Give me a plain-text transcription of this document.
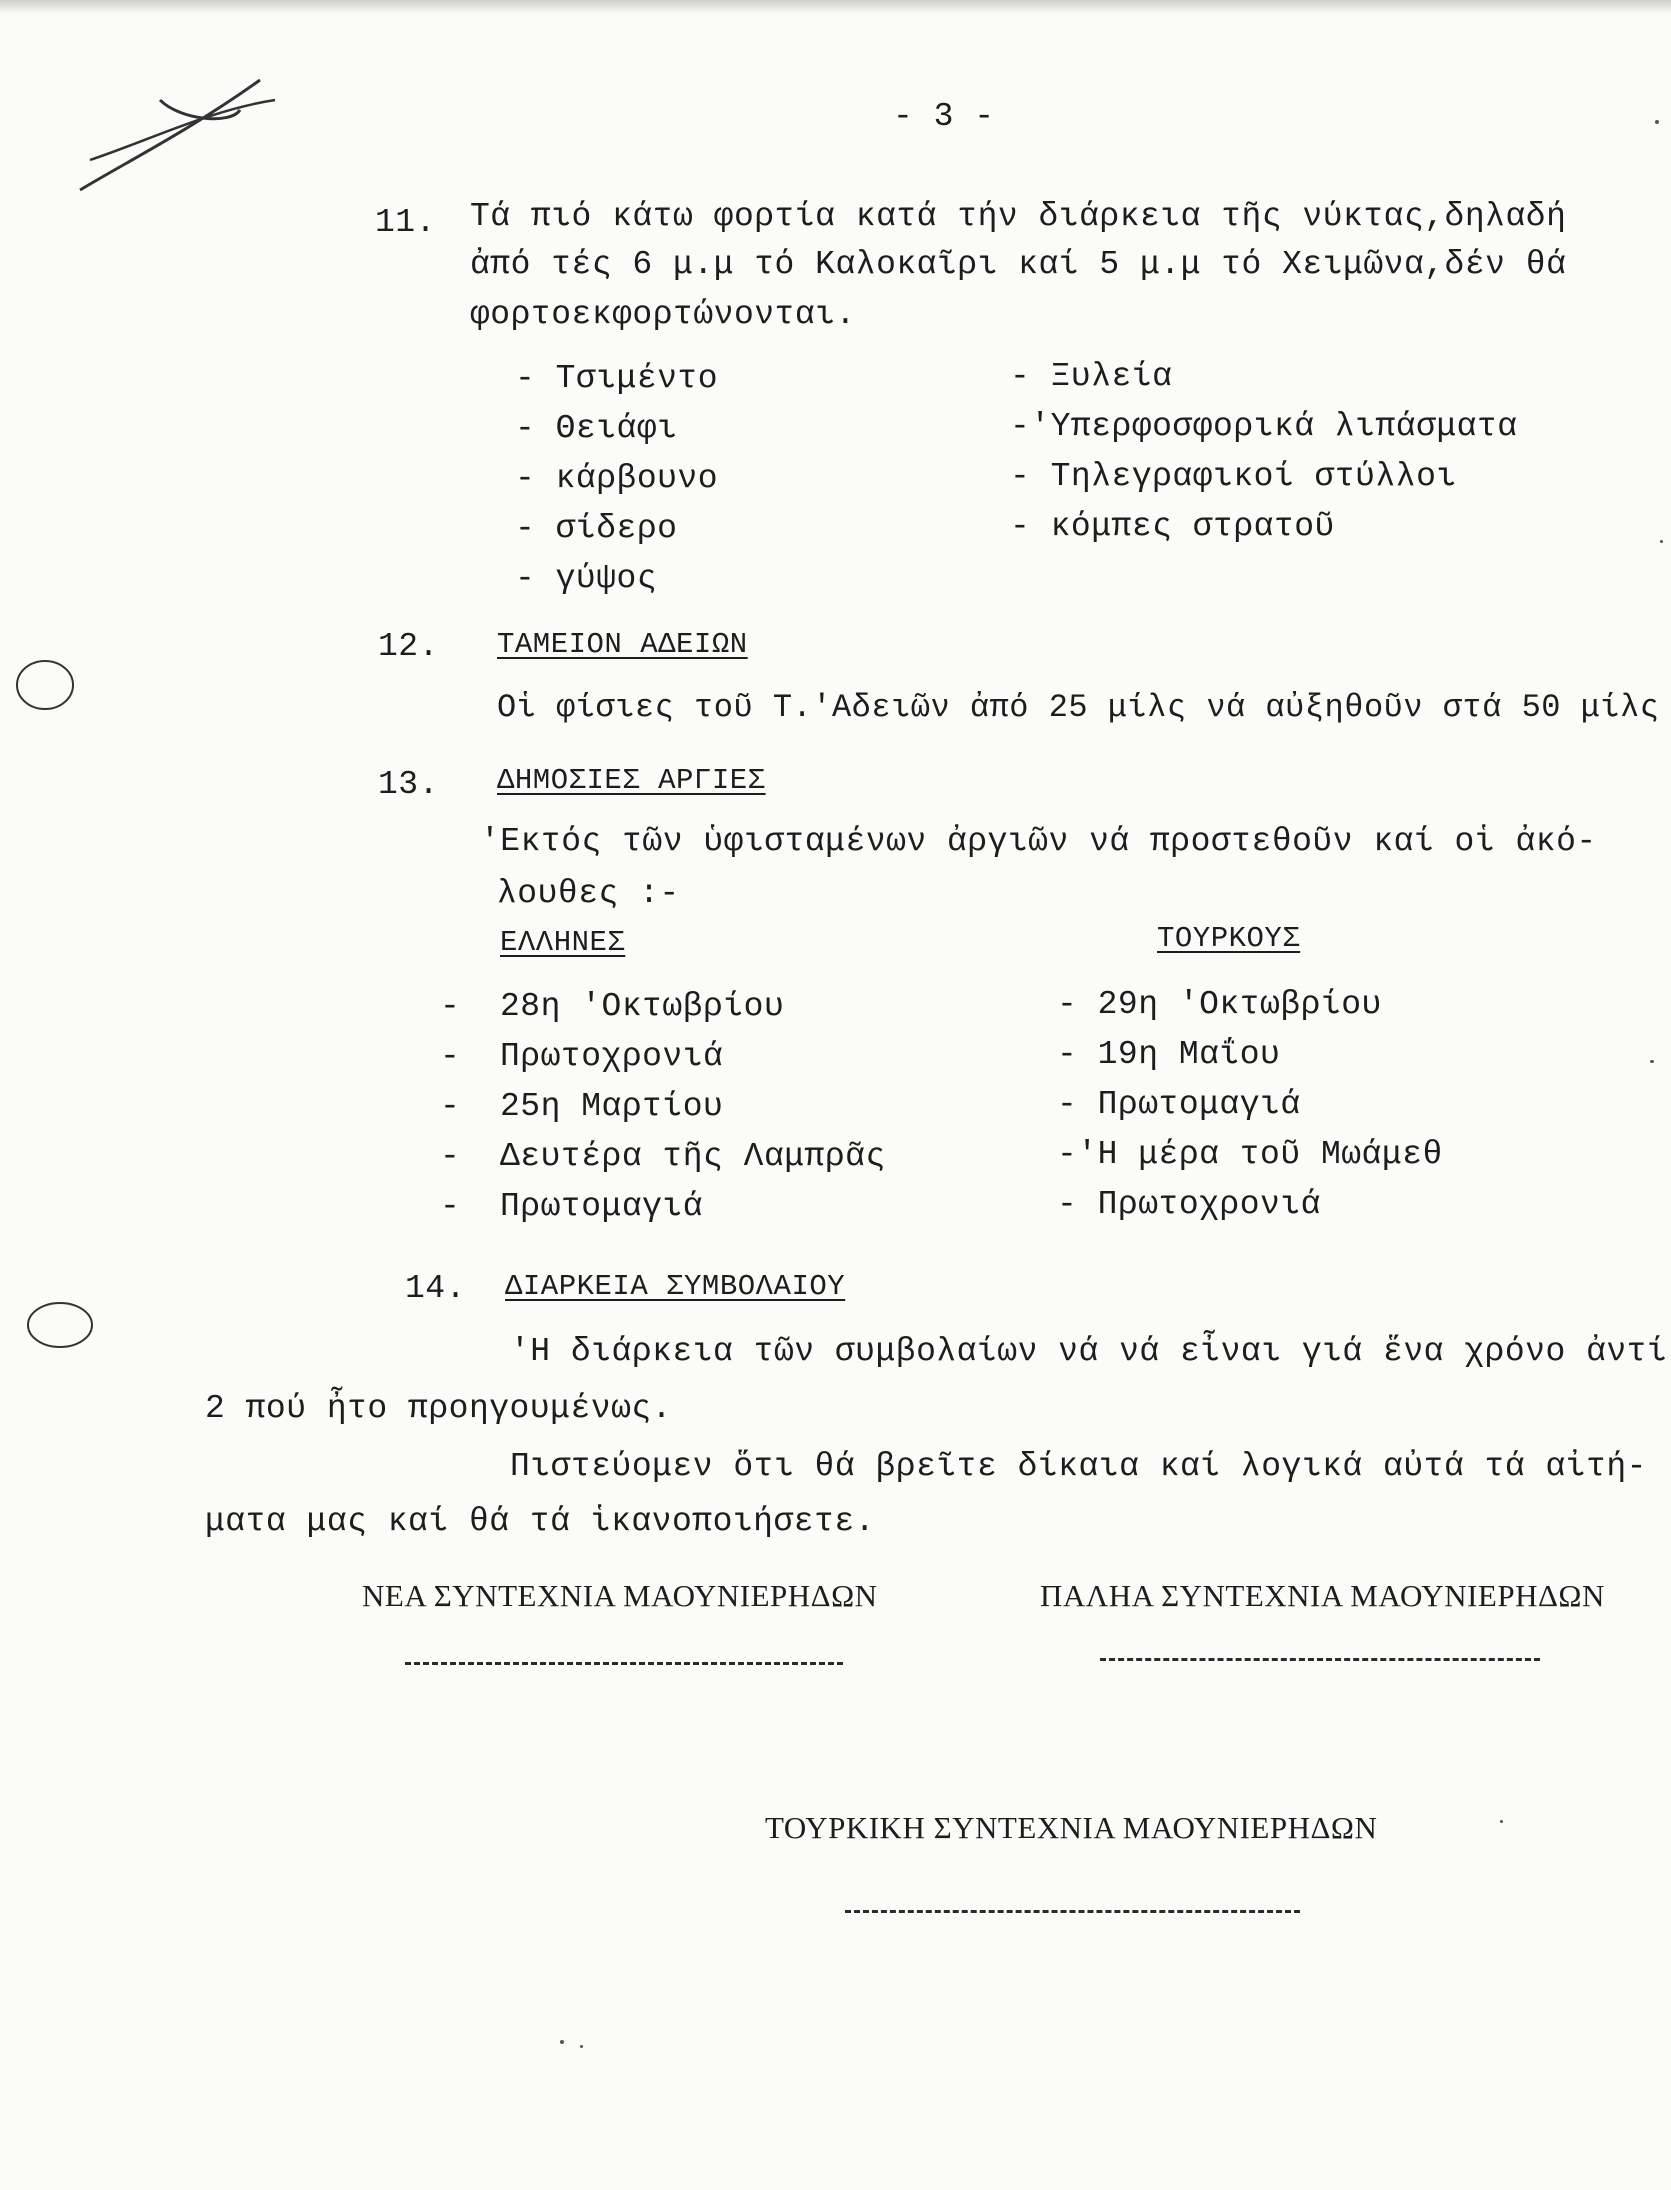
- 3 -
11. Τά πιό κάτω φορτία κατά τήν διάρκεια τῆς νύκτας,δηλαδή
ἀπό τές 6 μ.μ τό Καλοκαῖρι καί 5 μ.μ τό Χειμῶνα,δέν θά
φορτοεκφορτώνονται.
- Τσιμέντο
- Θειάφι
- κάρβουνο
- σίδερο
- γύψος
- Ξυλεία
-'Υπερφοσφορικά λιπάσματα
- Τηλεγραφικοί στύλλοι
- κόμπες στρατοῦ
12. ΤΑΜΕΙΟΝ ΑΔΕΙΩΝ
Οἱ φίσιες τοῦ Τ.'Αδειῶν ἀπό 25 μίλς νά αὐξηθοῦν στά 50 μίλς
13. ΔΗΜΟΣΙΕΣ ΑΡΓΙΕΣ
'Εκτός τῶν ὑφισταμένων ἀργιῶν νά προστεθοῦν καί οἱ ἀκό-
λουθες :-
ΕΛΛΗΝΕΣ	ΤΟΥΡΚΟΥΣ
-
-
-
-
-
28η 'Οκτωβρίου
Πρωτοχρονιά
25η Μαρτίου
Δευτέρα τῆς Λαμπρᾶς
Πρωτομαγιά
- 29η 'Οκτωβρίου
- 19η Μαΐου
- Πρωτομαγιά
-'Η μέρα τοῦ Μωάμεθ
- Πρωτοχρονιά
14. ΔΙΑΡΚΕΙΑ ΣΥΜΒΟΛΑΙΟΥ
'Η διάρκεια τῶν συμβολαίων νά νά εἶναι γιά ἕνα χρόνο ἀντί
2 πού ἦτο προηγουμένως.
Πιστεύομεν ὅτι θά βρεῖτε δίκαια καί λογικά αὐτά τά αἰτή-
ματα μας καί θά τά ἱκανοποιήσετε.
ΝΕΑ ΣΥΝΤΕΧΝΙΑ ΜΑΟΥΝΙΕΡΗΔΩΝ	ΠΑΛΗΑ ΣΥΝΤΕΧΝΙΑ ΜΑΟΥΝΙΕΡΗΔΩΝ
ΤΟΥΡΚΙΚΗ ΣΥΝΤΕΧΝΙΑ ΜΑΟΥΝΙΕΡΗΔΩΝ
